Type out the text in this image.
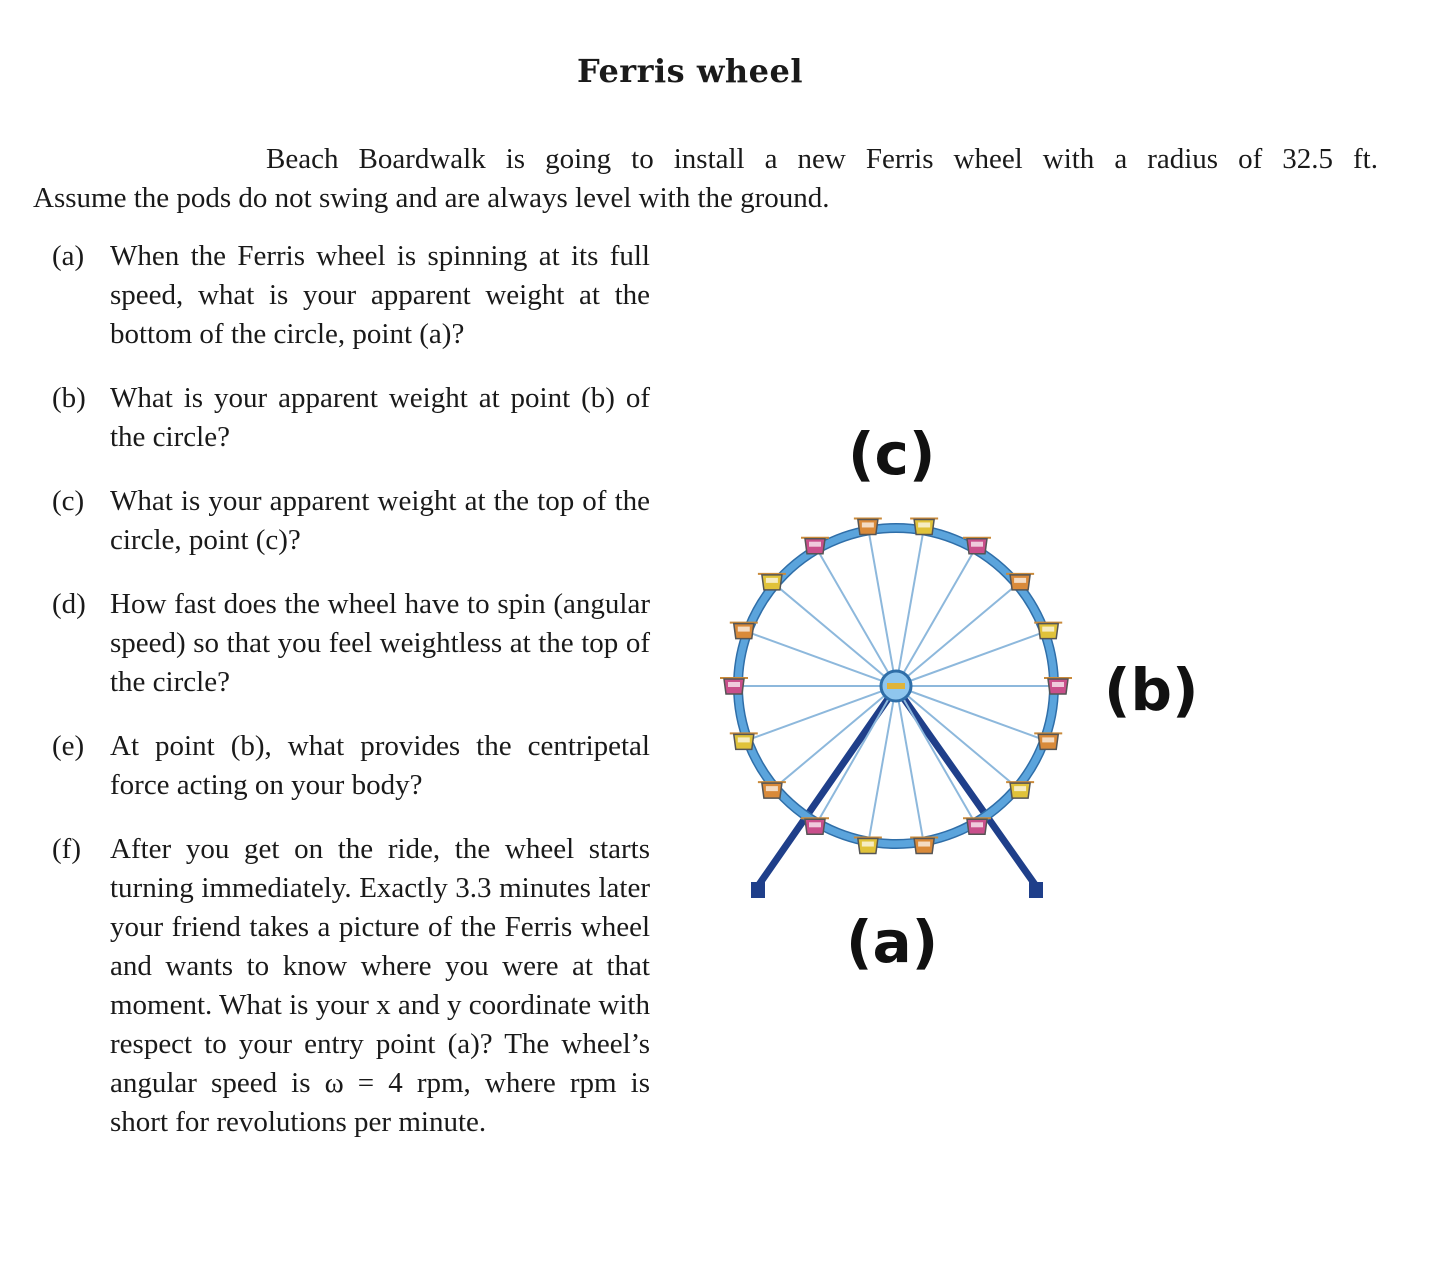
Ferris wheel
Beach Boardwalk is going to install a new Ferris wheel with a radius of 32.5 ft.
Assume the pods do not swing and are always level with the ground.
(a) When the Ferris wheel is spinning at its full speed, what is your apparent weight at the bottom of the circle, point (a)?
(b) What is your apparent weight at point (b) of the circle?
(c) What is your apparent weight at the top of the circle, point (c)?
(d) How fast does the wheel have to spin (angular speed) so that you feel weightless at the top of the circle?
(e) At point (b), what provides the centripetal force acting on your body?
(f) After you get on the ride, the wheel starts turning immediately. Exactly 3.3 minutes later your friend takes a picture of the Ferris wheel and wants to know where you were at that moment. What is your x and y coordinate with respect to your entry point (a)? The wheel’s angular speed is ω = 4 rpm, where rpm is short for revolutions per minute.
(c)
(b)
(a)
